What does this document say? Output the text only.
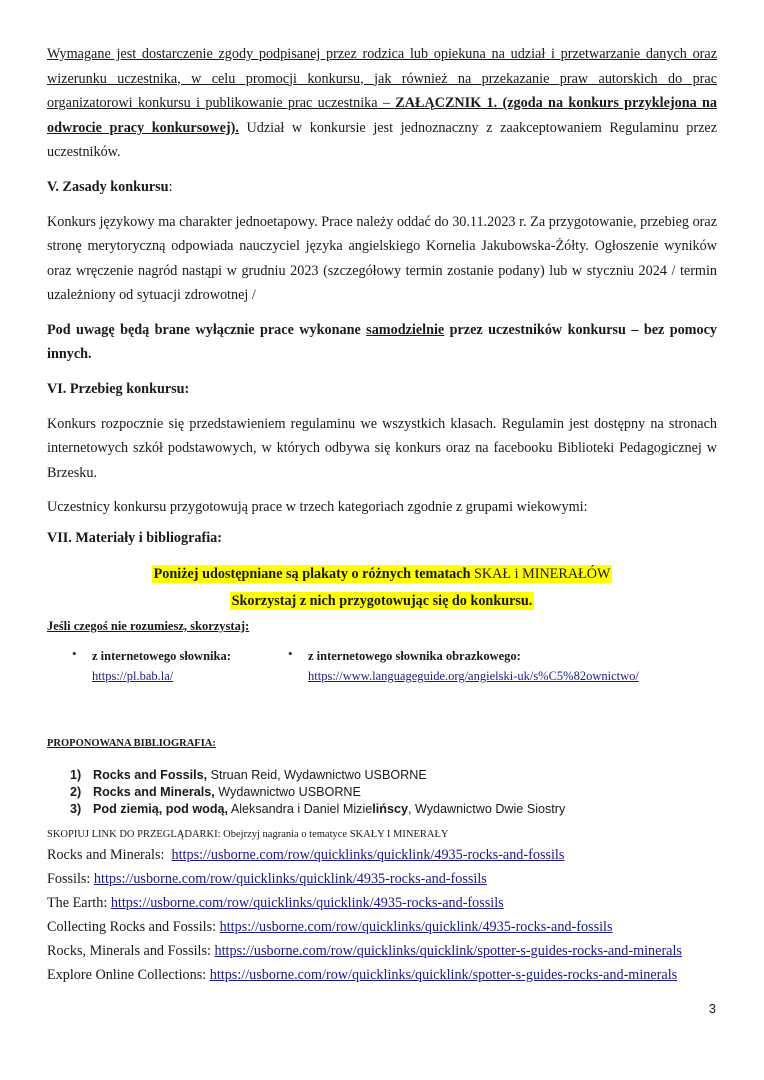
Wymagane jest dostarczenie zgody podpisanej przez rodzica lub opiekuna na udział i przetwarzanie danych oraz wizerunku uczestnika, w celu promocji konkursu, jak również na przekazanie praw autorskich do prac organizatorowi konkursu i publikowanie prac uczestnika – ZAŁĄCZNIK 1. (zgoda na konkurs przyklejona na odwrocie pracy konkursowej). Udział w konkursie jest jednoznaczny z zaakceptowaniem Regulaminu przez uczestników.

V. Zasady konkursu:

Konkurs językowy ma charakter jednoetapowy. Prace należy oddać do 30.11.2023 r. Za przygotowanie, przebieg oraz stronę merytoryczną odpowiada nauczyciel języka angielskiego Kornelia Jakubowska-Żółty. Ogłoszenie wyników oraz wręczenie nagród nastąpi w grudniu 2023 (szczegółowy termin zostanie podany) lub w styczniu 2024 / termin uzależniony od sytuacji zdrowotnej /

Pod uwagę będą brane wyłącznie prace wykonane samodzielnie przez uczestników konkursu – bez pomocy innych.

VI. Przebieg konkursu:

Konkurs rozpocznie się przedstawieniem regulaminu we wszystkich klasach. Regulamin jest dostępny na stronach internetowych szkół podstawowych, w których odbywa się konkurs oraz na facebooku Biblioteki Pedagogicznej w Brzesku.

Uczestnicy konkursu przygotowują prace w trzech kategoriach zgodnie z grupami wiekowymi:

VII. Materiały i bibliografia:

Poniżej udostępniane są plakaty o różnych tematach SKAŁ i MINERAŁÓW
Skorzystaj z nich przygotowując się do konkursu.

Jeśli czegoś nie rozumiesz, skorzystaj:

• z internetowego słownika:
https://pl.bab.la/
• z internetowego słownika obrazkowego:
https://www.languageguide.org/angielski-uk/s%C5%82ownictwo/

PROPONOWANA BIBLIOGRAFIA:

1) Rocks and Fossils, Struan Reid, Wydawnictwo USBORNE
2) Rocks and Minerals, Wydawnictwo USBORNE
3) Pod ziemią, pod wodą, Aleksandra i Daniel Mizielińscy, Wydawnictwo Dwie Siostry

SKOPIUJ LINK DO PRZEGLĄDARKI: Obejrzyj nagrania o tematyce SKAŁY I MINERAŁY

Rocks and Minerals:  https://usborne.com/row/quicklinks/quicklink/4935-rocks-and-fossils
Fossils: https://usborne.com/row/quicklinks/quicklink/4935-rocks-and-fossils
The Earth: https://usborne.com/row/quicklinks/quicklink/4935-rocks-and-fossils
Collecting Rocks and Fossils: https://usborne.com/row/quicklinks/quicklink/4935-rocks-and-fossils
Rocks, Minerals and Fossils: https://usborne.com/row/quicklinks/quicklink/spotter-s-guides-rocks-and-minerals
Explore Online Collections: https://usborne.com/row/quicklinks/quicklink/spotter-s-guides-rocks-and-minerals
3
